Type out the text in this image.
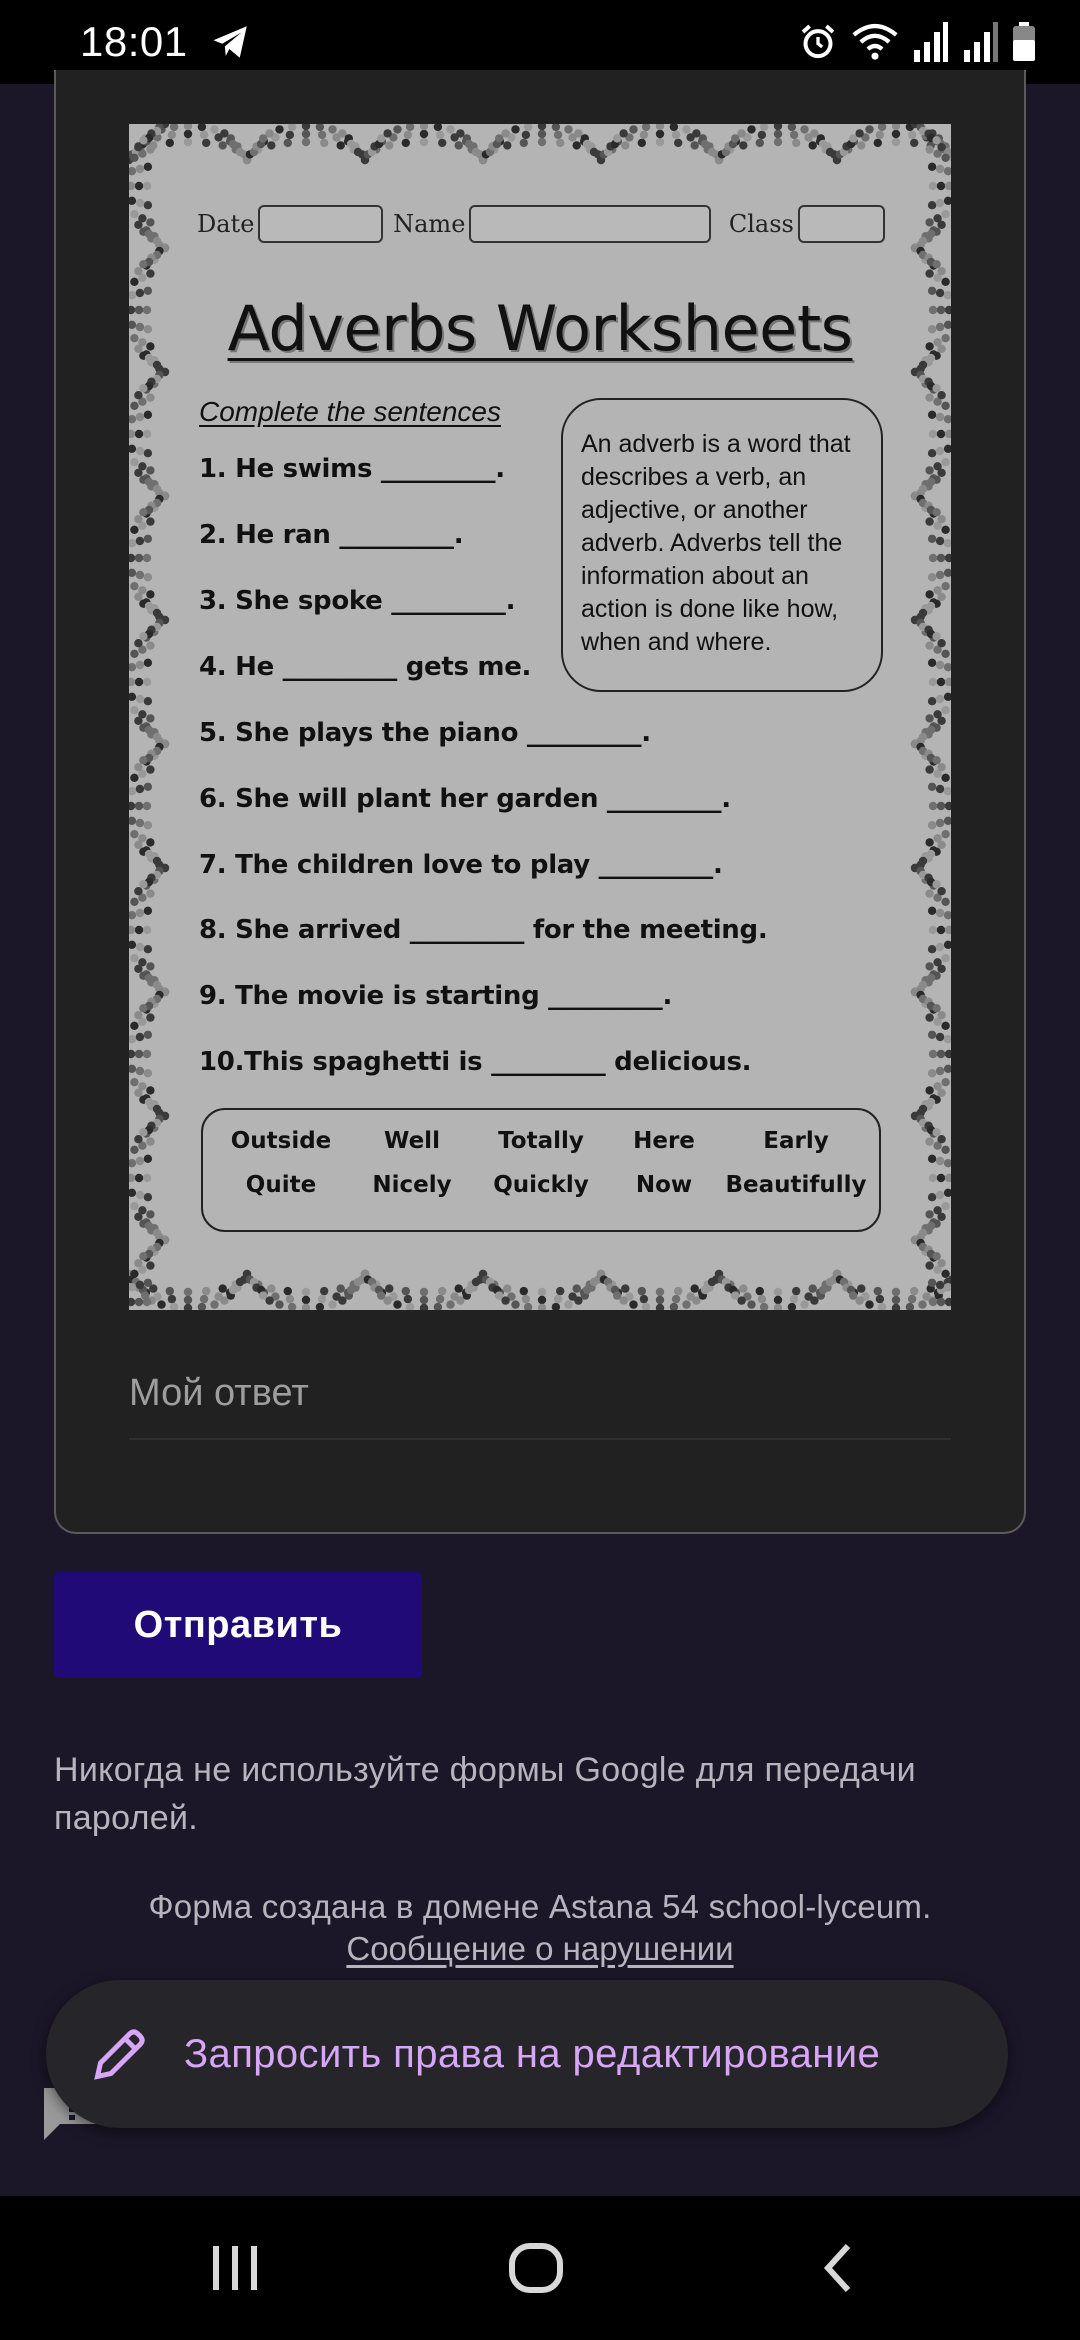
18:01
Date	Name	Class
Adverbs Worksheets
Complete the sentences
An adverb is a word that describes a verb, an adjective, or another adverb. Adverbs tell the information about an action is done like how, when and where.
1. He swims _________.
2. He ran _________.
3. She spoke _________.
4. He _________ gets me.
5. She plays the piano _________.
6. She will plant her garden _________.
7. The children love to play _________.
8. She arrived _________ for the meeting.
9. The movie is starting _________.
10.This spaghetti is _________ delicious.
Outside	Well	Totally	Here	Early
Quite	Nicely	Quickly	Now	Beautifully
Мой ответ
Отправить
Никогда не используйте формы Google для передачи паролей.
Форма создана в домене Astana 54 school-lyceum.
Сообщение о нарушении
Запросить права на редактирование
